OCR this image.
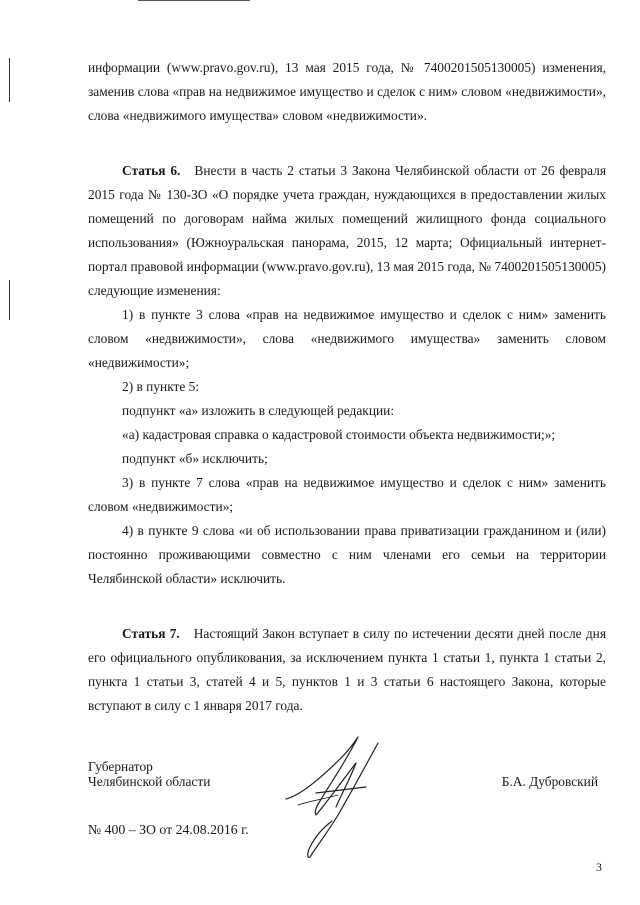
информации (www.pravo.gov.ru), 13 мая 2015 года, № 7400201505130005) изменения, заменив слова «прав на недвижимое имущество и сделок с ним» словом «недвижимости», слова «недвижимого имущества» словом «недвижимости».

Статья 6. Внести в часть 2 статьи 3 Закона Челябинской области от 26 февраля 2015 года № 130-ЗО «О порядке учета граждан, нуждающихся в предоставлении жилых помещений по договорам найма жилых помещений жилищного фонда социального использования» (Южноуральская панорама, 2015, 12 марта; Официальный интернет-портал правовой информации (www.pravo.gov.ru), 13 мая 2015 года, № 7400201505130005) следующие изменения:

1) в пункте 3 слова «прав на недвижимое имущество и сделок с ним» заменить словом «недвижимости», слова «недвижимого имущества» заменить словом «недвижимости»;

2) в пункте 5:

подпункт «а» изложить в следующей редакции:

«а) кадастровая справка о кадастровой стоимости объекта недвижимости;»;

подпункт «б» исключить;

3) в пункте 7 слова «прав на недвижимое имущество и сделок с ним» заменить словом «недвижимости»;

4) в пункте 9 слова «и об использовании права приватизации гражданином и (или) постоянно проживающими совместно с ним членами его семьи на территории Челябинской области» исключить.

Статья 7. Настоящий Закон вступает в силу по истечении десяти дней после дня его официального опубликования, за исключением пункта 1 статьи 1, пункта 1 статьи 2, пункта 1 статьи 3, статей 4 и 5, пунктов 1 и 3 статьи 6 настоящего Закона, которые вступают в силу с 1 января 2017 года.

Губернатор
Челябинской области	Б.А. Дубровский
№ 400 – ЗО от 24.08.2016 г.
3
